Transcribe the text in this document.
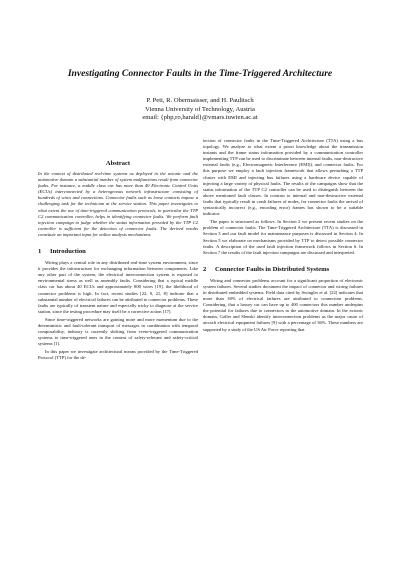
Investigating Connector Faults in the Time-Triggered Architecture
P. Peti, R. Obermaisser, and H. Paulitsch
Vienna University of Technology, Austria
email: {php,ro,harald}@vmars.tuwien.ac.at
Abstract

In the context of distributed real-time systems as deployed in the avionic and the automotive domain a substantial number of system malfunctions result from connector faults. For instance, a middle class car has more than 40 Electronic Control Units (ECUs) interconnected by a heterogenous network infrastructure consisting of hundreds of wires and connections. Connector faults such as loose contacts impose a challenging task for the technician at the service station. This paper investigates to what extent the use of time-triggered communication protocols, in particular the TTP C2 communication controller, helps in identifying connector faults. We perform fault injection campaign to judge whether the status information provided by the TTP C2 controller is sufficient for the detection of connector faults. The derived results constitute an important input for online analysis mechanisms.

1 Introduction

Wiring plays a central role in any distributed real-time system environment, since it provides the infrastructure for exchanging information between components. Like any other part of the system, the electrical interconnection system is exposed to environmental stress as well as assembly faults. Considering that a typical middle class car has about 40 ECUs and approximately 800 wires [19], the likelihood of connector problems is high. In fact, recent studies [22, 9, 21, 8] indicate that a substantial number of electrical failures can be attributed to connector problems. These faults are typically of transient nature and especially tricky to diagnose at the service station, since the testing procedure may itself be a corrective action [17].

Since time-triggered networks are gaining more and more momentum due to the deterministic and fault-tolerant transport of messages in combination with temporal composability, industry is currently shifting from event-triggered communication systems to time-triggered ones in the context of safety-relevant and safety-critical systems [1].

In this paper we investigate architectural means provided by the Time-Triggered Protocol (TTP) for the de-

tection of connector faults in the Time-Triggered Architecture (TTA) using a bus topology. We analyze to what extent a priori knowledge about the transmission instants and the frame status information provided by a communication controller implementing TTP can be used to discriminate between internal faults, non-destructive external faults (e.g., Electromagnetic Interference (EMI)), and connector faults. For this purpose we employ a fault injection framework that allows perturbing a TTP cluster with EMI and injecting bus failures using a hardware device capable of injecting a large variety of physical faults. The results of the campaigns show that the status information of the TTP C2 controller can be used to distinguish between the above mentioned fault classes. In contrast to internal and non-destructive external faults that typically result in crash failures of nodes, for connector faults the arrival of syntactically incorrect (e.g., encoding error) frames has shown to be a suitable indicator.

The paper is structured as follows. In Section 2 we present recent studies on the problem of connector faults. The Time-Triggered Architecture (TTA) is discussed in Section 3 and our fault model for maintenance purposes is discussed in Section 4. In Section 5 we elaborate on mechanisms provided by TTP to detect possible connector faults. A description of the used fault injection framework follows in Section 6. In Section 7 the results of the fault injection campaigns are discussed and interpreted.

2 Connector Faults in Distributed Systems

Wiring and connector problems account for a significant proportion of electronic system failures. Several studies document the impact of connector and wiring failures in distributed embedded systems. Field data cited by Swingler et al. [22] indicates that more than 30% of electrical failures are attributed to connection problems. Considering, that a luxury car can have up to 400 connectors this number underpins the potential for failures due to connectors in the automotive domain. In the avionic domain, Galler and Slenski identify interconnection problems as the major cause of aircraft electrical equipment failures [9] with a percentage of 36%. These numbers are supported by a study of the US Air Force reporting that
